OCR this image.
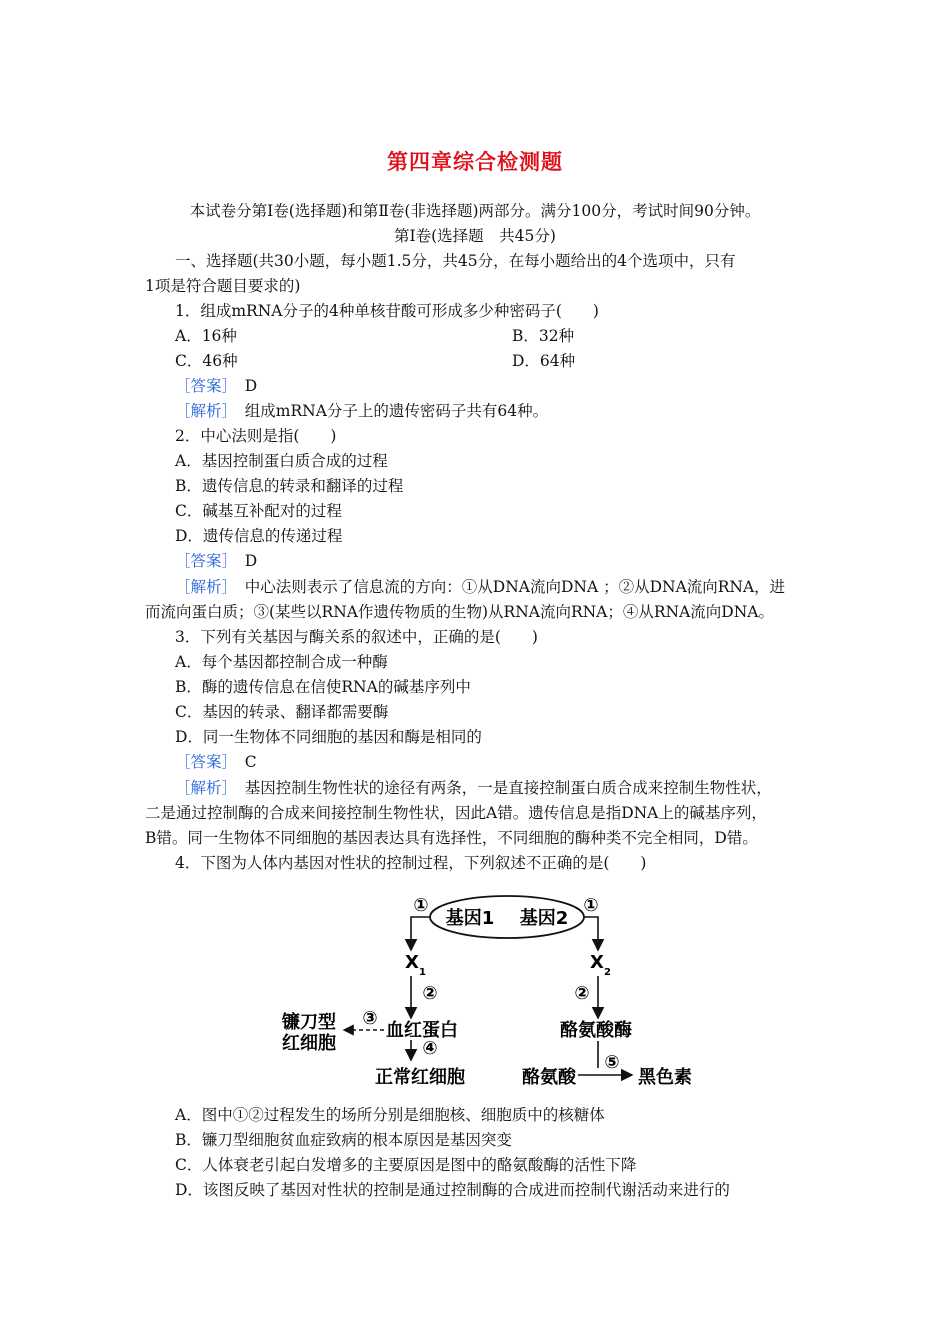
第四章综合检测题
本试卷分第Ⅰ卷(选择题)和第Ⅱ卷(非选择题)两部分。满分100分，考试时间90分钟。
第Ⅰ卷(选择题　共45分)
一、选择题(共30小题，每小题1.5分，共45分，在每小题给出的4个选项中，只有
1项是符合题目要求的)
1．组成mRNA分子的4种单核苷酸可形成多少种密码子(　　)
A．16种	B．32种
C．46种	D．64种
［答案］　 D
［解析］　 组成mRNA分子上的遗传密码子共有64种。
2．中心法则是指(　　)
A．基因控制蛋白质合成的过程
B．遗传信息的转录和翻译的过程
C．碱基互补配对的过程
D．遗传信息的传递过程
［答案］　 D
［解析］　 中心法则表示了信息流的方向：①从DNA流向DNA ；②从DNA流向RNA，进
而流向蛋白质；③(某些以RNA作遗传物质的生物)从RNA流向RNA；④从RNA流向DNA。
3．下列有关基因与酶关系的叙述中，正确的是(　　)
A．每个基因都控制合成一种酶
B．酶的遗传信息在信使RNA的碱基序列中
C．基因的转录、翻译都需要酶
D．同一生物体不同细胞的基因和酶是相同的
［答案］　 C
［解析］　 基因控制生物性状的途径有两条，一是直接控制蛋白质合成来控制生物性状，
二是通过控制酶的合成来间接控制生物性状，因此A错。遗传信息是指DNA上的碱基序列，
B错。同一生物体不同细胞的基因表达具有选择性，不同细胞的酶种类不完全相同，D错。
4．下图为人体内基因对性状的控制过程，下列叙述不正确的是(　　)
基因1 基因2
①
X 1
②
血红蛋白
③
镰刀型
红细胞	④
正常红细胞
①
X 2
②
酪氨酸酶
酪氨酸
⑤
黑色素
A．图中①②过程发生的场所分别是细胞核、细胞质中的核糖体
B．镰刀型细胞贫血症致病的根本原因是基因突变
C．人体衰老引起白发增多的主要原因是图中的酪氨酸酶的活性下降
D．该图反映了基因对性状的控制是通过控制酶的合成进而控制代谢活动来进行的
